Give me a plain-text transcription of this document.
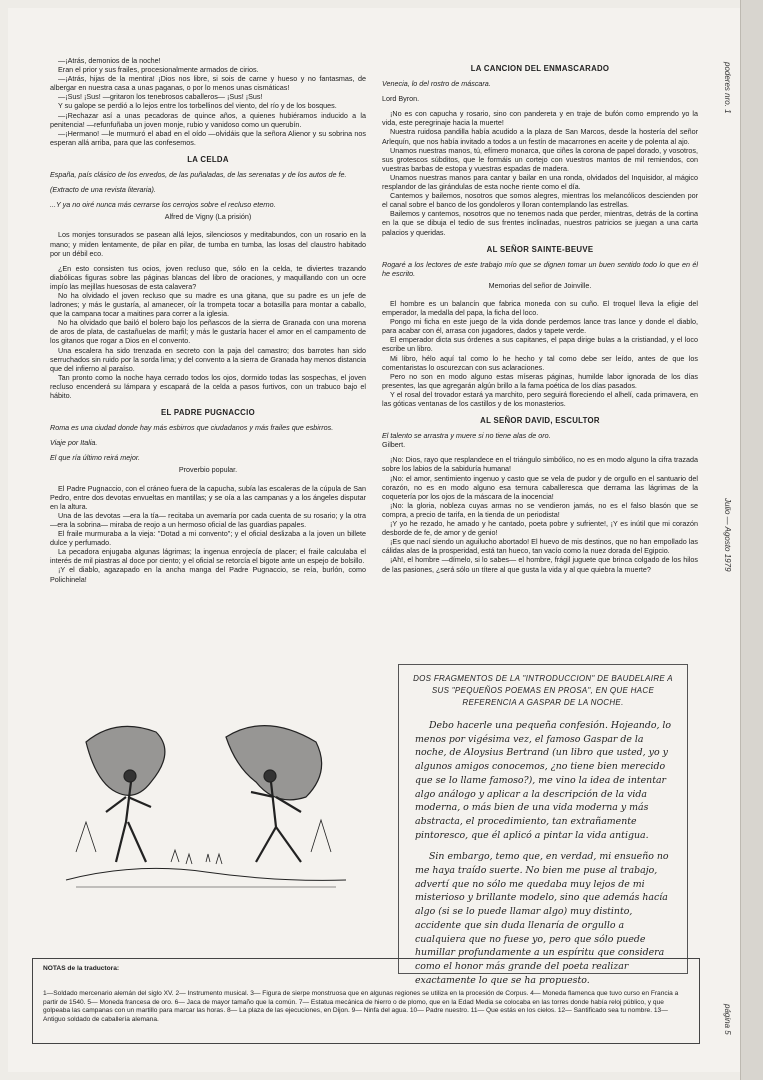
—¡Atrás, demonios de la noche!

Eran el prior y sus frailes, procesionalmente armados de cirios.

—¡Atrás, hijas de la mentira! ¡Dios nos libre, si sois de carne y hueso y no fantasmas, de albergar en nuestra casa a unas paganas, o por lo menos unas cismáticas!

—¡Sus! ¡Sus! —gritaron los tenebrosos caballeros— ¡Sus! ¡Sus!

Y su galope se perdió a lo lejos entre los torbellinos del viento, del río y de los bosques.

—¡Rechazar así a unas pecadoras de quince años, a quienes hubiéramos inducido a la penitencia! —refunfuñaba un joven monje, rubio y vanidoso como un querubín.

—¡Hermano! —le murmuró el abad en el oído —olvidáis que la señora Alienor y su sobrina nos esperan allá arriba, para que las confesemos.

LA CELDA

España, país clásico de los enredos, de las puñaladas, de las serenatas y de los autos de fe.

(Extracto de una revista literaria).

...Y ya no oiré nunca más cerrarse los cerrojos sobre el recluso eterno.

Alfred de Vigny (La prisión)

Los monjes tonsurados se pasean allá lejos, silenciosos y meditabundos, con un rosario en la mano; y miden lentamente, de pilar en pilar, de tumba en tumba, las losas del claustro habitado por un débil eco.

¿En esto consisten tus ocios, joven recluso que, sólo en la celda, te diviertes trazando diabólicas figuras sobre las páginas blancas del libro de oraciones, y maquillando con un ocre impío las mejillas huesosas de esta calavera?

No ha olvidado el joven recluso que su madre es una gitana, que su padre es un jefe de ladrones; y más le gustaría, al amanecer, oír la trompeta tocar a botasilla para montar a caballo, que la campana tocar a maitines para correr a la iglesia.

No ha olvidado que bailó el bolero bajo los peñascos de la sierra de Granada con una morena de aros de plata, de castañuelas de marfil; y más le gustaría hacer el amor en el campamento de los gitanos que rogar a Dios en el convento.

Una escalera ha sido trenzada en secreto con la paja del camastro; dos barrotes han sido serruchados sin ruido por la sorda lima; y del convento a la sierra de Granada hay menos distancia que del infierno al paraíso.

Tan pronto como la noche haya cerrado todos los ojos, dormido todas las sospechas, el joven recluso encenderá su lámpara y escapará de la celda a pasos furtivos, con un trabuco bajo el hábito.

EL PADRE PUGNACCIO

Roma es una ciudad donde hay más esbirros que ciudadanos y más frailes que esbirros.

Viaje por Italia.

El que ría último reirá mejor.

Proverbio popular.

El Padre Pugnaccio, con el cráneo fuera de la capucha, subía las escaleras de la cúpula de San Pedro, entre dos devotas envueltas en mantillas; y se oía a las campanas y a los ángeles disputar en la altura.

Una de las devotas —era la tía— recitaba un avemaría por cada cuenta de su rosario; y la otra —era la sobrina— miraba de reojo a un hermoso oficial de las guardias papales.

El fraile murmuraba a la vieja: "Dotad a mi convento"; y el oficial deslizaba a la joven un billete dulce y perfumado.

La pecadora enjugaba algunas lágrimas; la ingenua enrojecía de placer; el fraile calculaba el interés de mil piastras al doce por ciento; y el oficial se retorcía el bigote ante un espejo de bolsillo.

¡Y el diablo, agazapado en la ancha manga del Padre Pugnaccio, se reía, burlón, como Polichinela!

LA CANCION DEL ENMASCARADO

Venecia, lo del rostro de máscara.

Lord Byron.

¡No es con capucha y rosario, sino con pandereta y en traje de bufón como emprendo yo la vida, este peregrinaje hacia la muerte!

Nuestra ruidosa pandilla había acudido a la plaza de San Marcos, desde la hostería del señor Arlequín, que nos había invitado a todos a un festín de macarrones en aceite y de polenta al ajo.

Unamos nuestras manos, tú, efímero monarca, que ciñes la corona de papel dorado, y vosotros, sus grotescos súbditos, que le formáis un cortejo con vuestros mantos de mil remiendos, con vuestras barbas de estopa y vuestras espadas de madera.

Unamos nuestras manos para cantar y bailar en una ronda, olvidados del Inquisidor, al mágico resplandor de las girándulas de esta noche riente como el día.

Cantemos y bailemos, nosotros que somos alegres, mientras los melancólicos descienden por el canal sobre el banco de los gondoleros y lloran contemplando las estrellas.

Bailemos y cantemos, nosotros que no tenemos nada que perder, mientras, detrás de la cortina en la que se dibuja el tedio de sus frentes inclinadas, nuestros patricios se juegan a una carta palacios y queridas.

AL SEÑOR SAINTE-BEUVE

Rogaré a los lectores de este trabajo mío que se dignen tomar un buen sentido todo lo que en él he escrito.

Memorias del señor de Joinville.

El hombre es un balancín que fabrica moneda con su cuño. El troquel lleva la efigie del emperador, la medalla del papa, la ficha del loco.

Pongo mi ficha en este juego de la vida donde perdemos lance tras lance y donde el diablo, para acabar con él, arrasa con jugadores, dados y tapete verde.

El emperador dicta sus órdenes a sus capitanes, el papa dirige bulas a la cristiandad, y el loco escribe un libro.

Mi libro, hélo aquí tal como lo he hecho y tal como debe ser leído, antes de que los comentaristas lo oscurezcan con sus aclaraciones.

Pero no son en modo alguno estas míseras páginas, humilde labor ignorada de los días presentes, las que agregarán algún brillo a la fama poética de los días pasados.

Y el rosal del trovador estará ya marchito, pero seguirá floreciendo el alhelí, cada primavera, en las góticas ventanas de los castillos y de los monasterios.

AL SEÑOR DAVID, ESCULTOR

El talento se arrastra y muere si no tiene alas de oro.

Gilbert.

¡No: Dios, rayo que resplandece en el triángulo simbólico, no es en modo alguno la cifra trazada sobre los labios de la sabiduría humana!

¡No: el amor, sentimiento ingenuo y casto que se vela de pudor y de orgullo en el santuario del corazón, no es en modo alguno esa ternura caballeresca que derrama las lágrimas de la coquetería por los ojos de la máscara de la inocencia!

¡No: la gloria, nobleza cuyas armas no se vendieron jamás, no es el falso blasón que se compra, a precio de tarifa, en la tienda de un periodista!

¡Y yo he rezado, he amado y he cantado, poeta pobre y sufriente!, ¡Y es inútil que mi corazón desborde de fe, de amor y de genio!

¡Es que nací siendo un aguilucho abortado! El huevo de mis destinos, que no han empollado las cálidas alas de la prosperidad, está tan hueco, tan vacío como la nuez dorada del Egipcio.

¡Ah!, el hombre —dímelo, si lo sabes— el hombre, frágil juguete que brinca colgado de los hilos de las pasiones, ¿será sólo un títere al que gusta la vida y al que quiebra la muerte?

DOS FRAGMENTOS DE LA "INTRODUCCION" DE BAUDELAIRE A SUS "PEQUEÑOS POEMAS EN PROSA", EN QUE HACE REFERENCIA A GASPAR DE LA NOCHE.

Debo hacerle una pequeña confesión. Hojeando, lo menos por vigésima vez, el famoso Gaspar de la noche, de Aloysius Bertrand (un libro que usted, yo y algunos amigos conocemos, ¿no tiene bien merecido que se lo llame famoso?), me vino la idea de intentar algo análogo y aplicar a la descripción de la vida moderna, o más bien de una vida moderna y más abstracta, el procedimiento, tan extrañamente pintoresco, que él aplicó a pintar la vida antigua.

Sin embargo, temo que, en verdad, mi ensueño no me haya traído suerte. No bien me puse al trabajo, advertí que no sólo me quedaba muy lejos de mi misterioso y brillante modelo, sino que además hacía algo (si se lo puede llamar algo) muy distinto, accidente que sin duda llenaría de orgullo a cualquiera que no fuese yo, pero que sólo puede humillar profundamente a un espíritu que considera como el honor más grande del poeta realizar exactamente lo que se ha propuesto.

NOTAS de la traductora:
1—Soldado mercenario alemán del siglo XV. 2— Instrumento musical. 3— Figura de sierpe monstruosa que en algunas regiones se utiliza en la procesión de Corpus. 4— Moneda flamenca que tuvo curso en Francia a partir de 1540. 5— Moneda francesa de oro. 6— Jaca de mayor tamaño que la común. 7— Estatua mecánica de hierro o de plomo, que en la Edad Media se colocaba en las torres donde había reloj público, y que golpeaba las campanas con un martillo para marcar las horas. 8— La plaza de las ejecuciones, en Dijon. 9— Ninfa del agua. 10— Padre nuestro. 11— Que estás en los cielos. 12— Santificado sea tu nombre. 13— Antiguo soldado de caballería alemana.
poderes nro. 1
Julio — Agosto 1979
página 5
